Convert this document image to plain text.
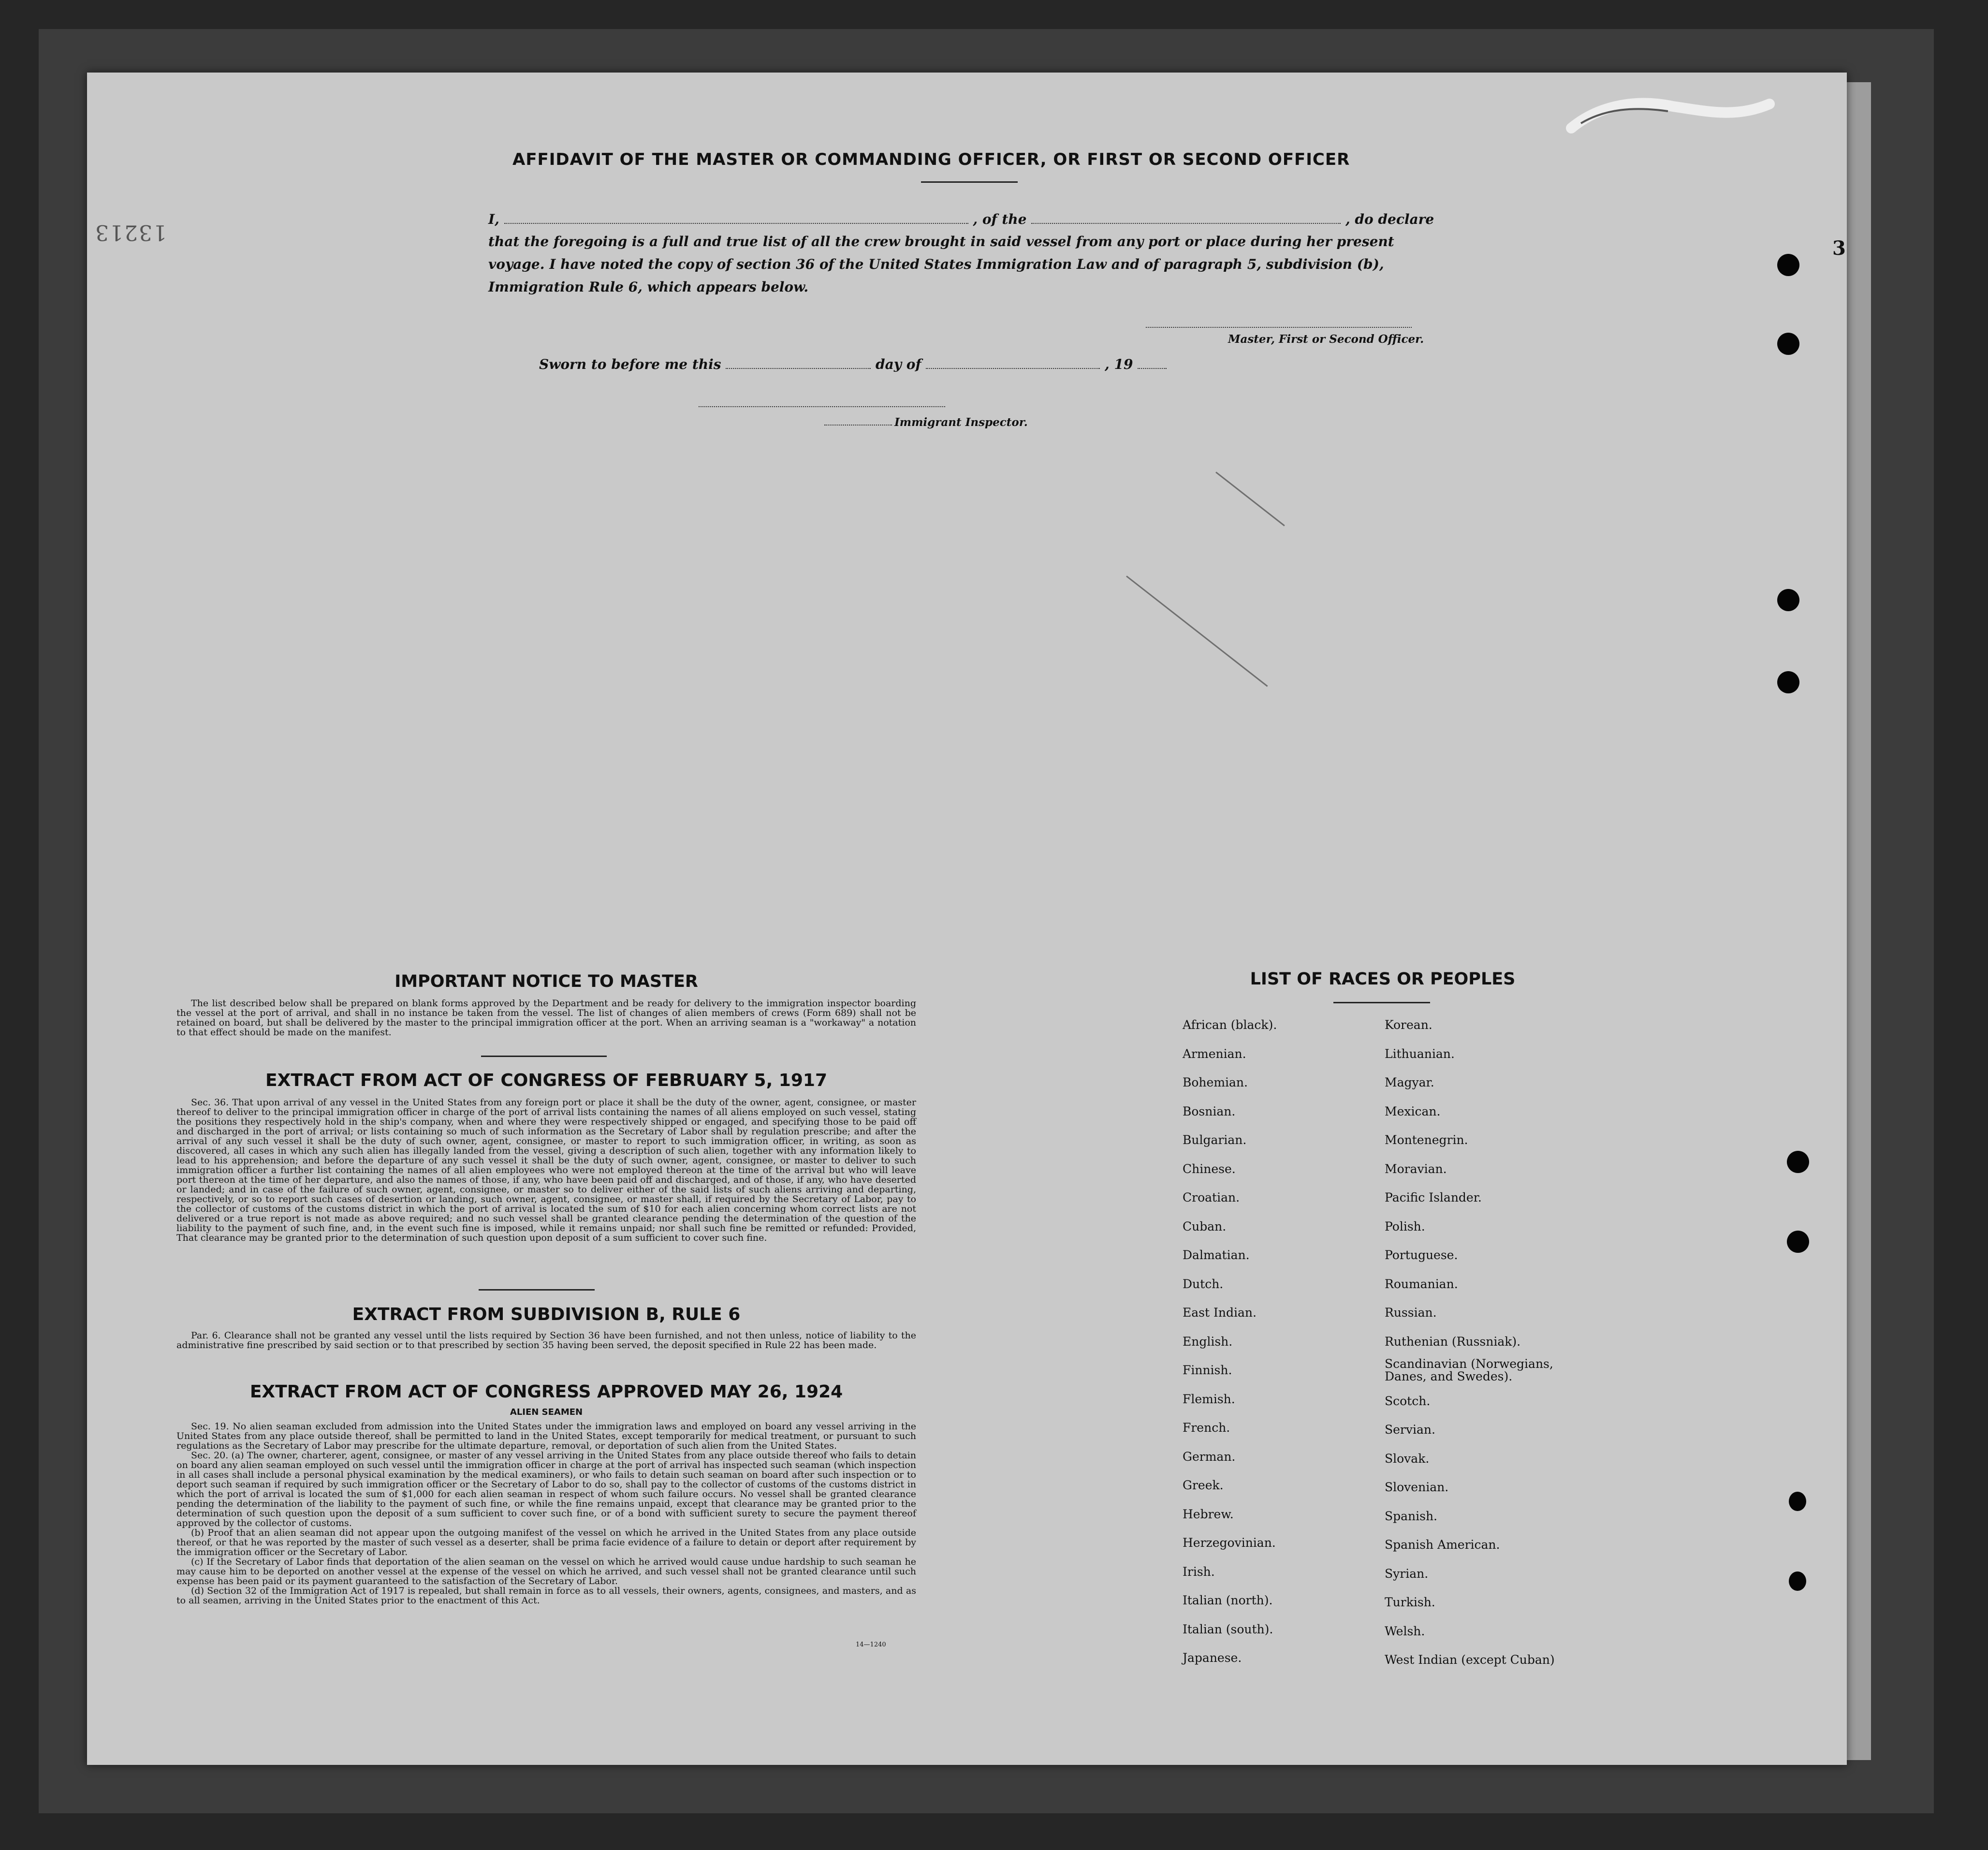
3
13213
AFFIDAVIT OF THE MASTER OR COMMANDING OFFICER, OR FIRST OR SECOND OFFICER
I,	, of the	, do declare
that the foregoing is a full and true list of all the crew brought in said vessel from any port or place during her present
voyage. I have noted the copy of section 36 of the United States Immigration Law and of paragraph 5, subdivision (b),
Immigration Rule 6, which appears below.
Master, First or Second Officer.
Sworn to before me this	day of	, 19
Immigrant Inspector.
IMPORTANT NOTICE TO MASTER
The list described below shall be prepared on blank forms approved by the Department and be ready for delivery to the immigration inspector boarding the vessel at the port of arrival, and shall in no instance be taken from the vessel. The list of changes of alien members of crews (Form 689) shall not be retained on board, but shall be delivered by the master to the principal immigration officer at the port. When an arriving seaman is a "workaway" a notation to that effect should be made on the manifest.
EXTRACT FROM ACT OF CONGRESS OF FEBRUARY 5, 1917
Sec. 36. That upon arrival of any vessel in the United States from any foreign port or place it shall be the duty of the owner, agent, consignee, or master thereof to deliver to the principal immigration officer in charge of the port of arrival lists containing the names of all aliens employed on such vessel, stating the positions they respectively hold in the ship's company, when and where they were respectively shipped or engaged, and specifying those to be paid off and discharged in the port of arrival; or lists containing so much of such information as the Secretary of Labor shall by regulation prescribe; and after the arrival of any such vessel it shall be the duty of such owner, agent, consignee, or master to report to such immigration officer, in writing, as soon as discovered, all cases in which any such alien has illegally landed from the vessel, giving a description of such alien, together with any information likely to lead to his apprehension; and before the departure of any such vessel it shall be the duty of such owner, agent, consignee, or master to deliver to such immigration officer a further list containing the names of all alien employees who were not employed thereon at the time of the arrival but who will leave port thereon at the time of her departure, and also the names of those, if any, who have been paid off and discharged, and of those, if any, who have deserted or landed; and in case of the failure of such owner, agent, consignee, or master so to deliver either of the said lists of such aliens arriving and departing, respectively, or so to report such cases of desertion or landing, such owner, agent, consignee, or master shall, if required by the Secretary of Labor, pay to the collector of customs of the customs district in which the port of arrival is located the sum of $10 for each alien concerning whom correct lists are not delivered or a true report is not made as above required; and no such vessel shall be granted clearance pending the determination of the question of the liability to the payment of such fine, and, in the event such fine is imposed, while it remains unpaid; nor shall such fine be remitted or refunded: Provided, That clearance may be granted prior to the determination of such question upon deposit of a sum sufficient to cover such fine.
EXTRACT FROM SUBDIVISION B, RULE 6
Par. 6. Clearance shall not be granted any vessel until the lists required by Section 36 have been furnished, and not then unless, notice of liability to the administrative fine prescribed by said section or to that prescribed by section 35 having been served, the deposit specified in Rule 22 has been made.
EXTRACT FROM ACT OF CONGRESS APPROVED MAY 26, 1924
ALIEN SEAMEN
Sec. 19. No alien seaman excluded from admission into the United States under the immigration laws and employed on board any vessel arriving in the United States from any place outside thereof, shall be permitted to land in the United States, except temporarily for medical treatment, or pursuant to such regulations as the Secretary of Labor may prescribe for the ultimate departure, removal, or deportation of such alien from the United States.
Sec. 20. (a) The owner, charterer, agent, consignee, or master of any vessel arriving in the United States from any place outside thereof who fails to detain on board any alien seaman employed on such vessel until the immigration officer in charge at the port of arrival has inspected such seaman (which inspection in all cases shall include a personal physical examination by the medical examiners), or who fails to detain such seaman on board after such inspection or to deport such seaman if required by such immigration officer or the Secretary of Labor to do so, shall pay to the collector of customs of the customs district in which the port of arrival is located the sum of $1,000 for each alien seaman in respect of whom such failure occurs. No vessel shall be granted clearance pending the determination of the liability to the payment of such fine, or while the fine remains unpaid, except that clearance may be granted prior to the determination of such question upon the deposit of a sum sufficient to cover such fine, or of a bond with sufficient surety to secure the payment thereof approved by the collector of customs.
(b) Proof that an alien seaman did not appear upon the outgoing manifest of the vessel on which he arrived in the United States from any place outside thereof, or that he was reported by the master of such vessel as a deserter, shall be prima facie evidence of a failure to detain or deport after requirement by the immigration officer or the Secretary of Labor.
(c) If the Secretary of Labor finds that deportation of the alien seaman on the vessel on which he arrived would cause undue hardship to such seaman he may cause him to be deported on another vessel at the expense of the vessel on which he arrived, and such vessel shall not be granted clearance until such expense has been paid or its payment guaranteed to the satisfaction of the Secretary of Labor.
(d) Section 32 of the Immigration Act of 1917 is repealed, but shall remain in force as to all vessels, their owners, agents, consignees, and masters, and as to all seamen, arriving in the United States prior to the enactment of this Act.
14—1240
LIST OF RACES OR PEOPLES
African (black).
Armenian.
Bohemian.
Bosnian.
Bulgarian.
Chinese.
Croatian.
Cuban.
Dalmatian.
Dutch.
East Indian.
English.
Finnish.
Flemish.
French.
German.
Greek.
Hebrew.
Herzegovinian.
Irish.
Italian (north).
Italian (south).
Japanese.
Korean.
Lithuanian.
Magyar.
Mexican.
Montenegrin.
Moravian.
Pacific Islander.
Polish.
Portuguese.
Roumanian.
Russian.
Ruthenian (Russniak).
Scandinavian (Norwegians, Danes, and Swedes).
Scotch.
Servian.
Slovak.
Slovenian.
Spanish.
Spanish American.
Syrian.
Turkish.
Welsh.
West Indian (except Cuban)
